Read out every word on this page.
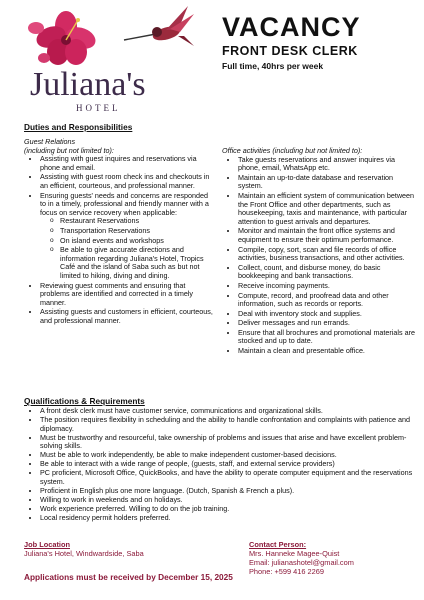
Juliana's
HOTEL
VACANCY
FRONT DESK CLERK
Full time, 40hrs per week
Duties and Responsibilities
Guest Relations
(including but not limited to):
• Assisting with guest inquires and reservations via phone and email.
• Assisting with guest room check ins and checkouts in an efficient, courteous, and professional manner.
• Ensuring guests' needs and concerns are responded to in a timely, professional and friendly manner with a focus on service recovery when applicable:
o Restaurant Reservations
o Transportation Reservations
o On island events and workshops
o Be able to give accurate directions and information regarding Juliana's Hotel, Tropics Café and the island of Saba such as but not limited to hiking, diving and dining.
• Reviewing guest comments and ensuring that problems are identified and corrected in a timely manner.
• Assisting guests and customers in efficient, courteous, and professional manner.
Office activities (including but not limited to):
• Take guests reservations and answer inquires via phone, email, WhatsApp etc.
• Maintain an up-to-date database and reservation system.
• Maintain an efficient system of communication between the Front Office and other departments, such as housekeeping, taxis and maintenance, with particular attention to guest arrivals and departures.
• Monitor and maintain the front office systems and equipment to ensure their optimum performance.
• Compile, copy, sort, scan and file records of office activities, business transactions, and other activities.
• Collect, count, and disburse money, do basic bookkeeping and bank transactions.
• Receive incoming payments.
• Compute, record, and proofread data and other information, such as records or reports.
• Deal with inventory stock and supplies.
• Deliver messages and run errands.
• Ensure that all brochures and promotional materials are stocked and up to date.
• Maintain a clean and presentable office.
Qualifications & Requirements
• A front desk clerk must have customer service, communications and organizational skills.
• The position requires flexibility in scheduling and the ability to handle confrontation and complaints with patience and diplomacy.
• Must be trustworthy and resourceful, take ownership of problems and issues that arise and have excellent problem-solving skills.
• Must be able to work independently, be able to make independent customer-based decisions.
• Be able to interact with a wide range of people, (guests, staff, and external service providers)
• PC proficient, Microsoft Office, QuickBooks, and have the ability to operate computer equipment and the reservations system.
• Proficient in English plus one more language. (Dutch, Spanish & French a plus).
• Willing to work in weekends and on holidays.
• Work experience preferred. Willing to do on the job training.
• Local residency permit holders preferred.
Job Location
Juliana's Hotel, Windwardside, Saba
Contact Person:
Mrs. Hanneke Magee-Quist
Email: julianashotel@gmail.com
Phone: +599 416 2269
Applications must be received by December 15, 2025
